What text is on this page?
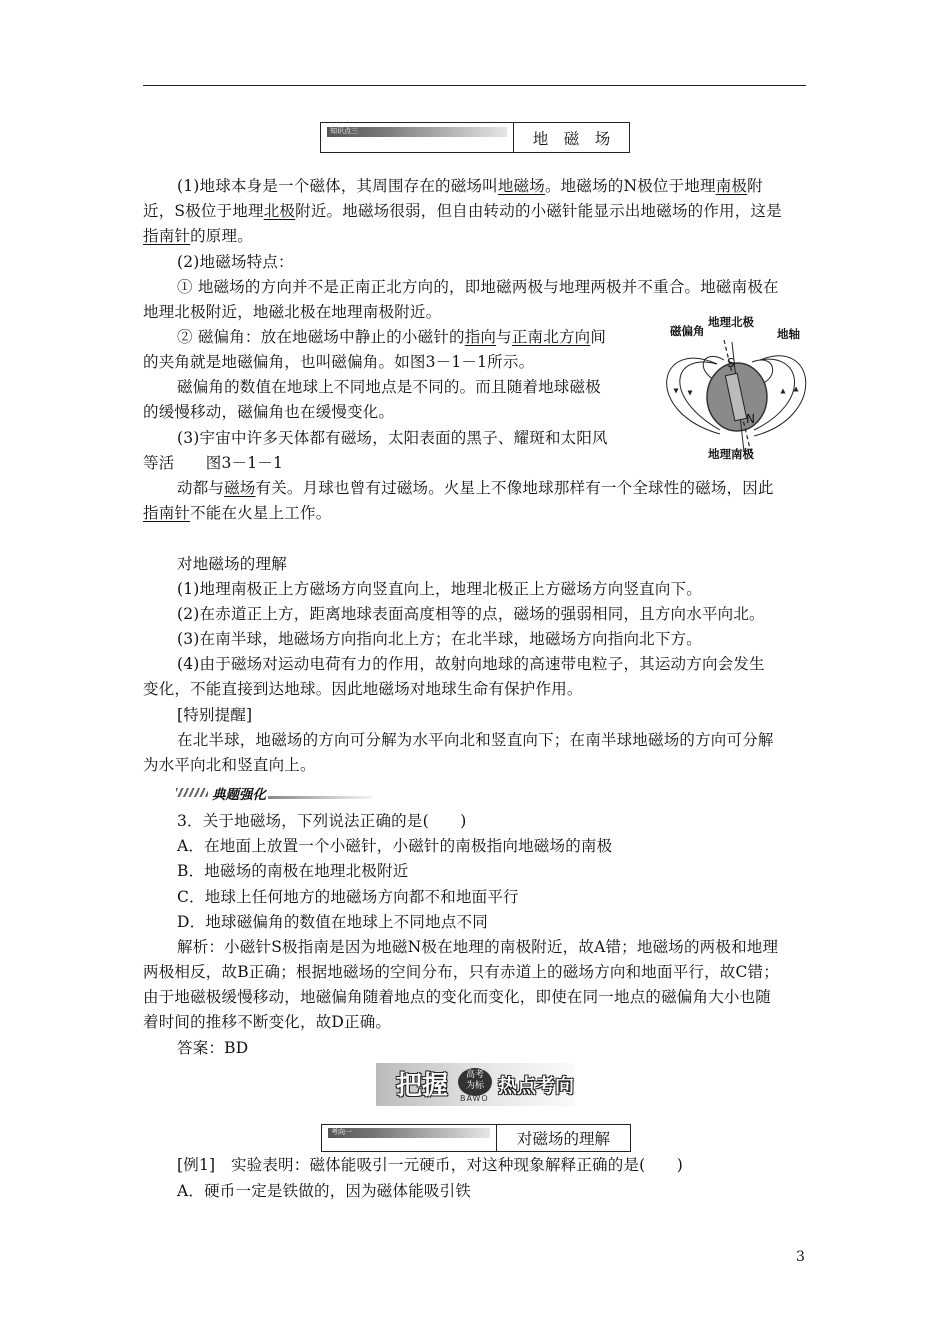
知识点三	地　磁　场
(1)地球本身是一个磁体，其周围存在的磁场叫地磁场。地磁场的N极位于地理南极附
近，S极位于地理北极附近。地磁场很弱，但自由转动的小磁针能显示出地磁场的作用，这是
指南针的原理。
(2)地磁场特点：
① 地磁场的方向并不是正南正北方向的，即地磁两极与地理两极并不重合。地磁南极在
地理北极附近，地磁北极在地理南极附近。
② 磁偏角：放在地磁场中静止的小磁针的指向与正南北方向间
的夹角就是地磁偏角，也叫磁偏角。如图3－1－1所示。
磁偏角的数值在地球上不同地点是不同的。而且随着地球磁极
的缓慢移动，磁偏角也在缓慢变化。
(3)宇宙中许多天体都有磁场，太阳表面的黑子、耀斑和太阳风
等活　　图3－1－1
动都与磁场有关。月球也曾有过磁场。火星上不像地球那样有一个全球性的磁场，因此
指南针不能在火星上工作。
磁偏角
地理北极
地轴
地理南极
S
N
对地磁场的理解
(1)地理南极正上方磁场方向竖直向上，地理北极正上方磁场方向竖直向下。
(2)在赤道正上方，距离地球表面高度相等的点，磁场的强弱相同，且方向水平向北。
(3)在南半球，地磁场方向指向北上方；在北半球，地磁场方向指向北下方。
(4)由于磁场对运动电荷有力的作用，故射向地球的高速带电粒子，其运动方向会发生
变化，不能直接到达地球。因此地磁场对地球生命有保护作用。
[特别提醒]
在北半球，地磁场的方向可分解为水平向北和竖直向下；在南半球地磁场的方向可分解
为水平向北和竖直向上。
典题强化
3．关于地磁场，下列说法正确的是(　　)
A．在地面上放置一个小磁针，小磁针的南极指向地磁场的南极
B．地磁场的南极在地理北极附近
C．地球上任何地方的地磁场方向都不和地面平行
D．地球磁偏角的数值在地球上不同地点不同
解析：小磁针S极指南是因为地磁N极在地理的南极附近，故A错；地磁场的两极和地理
两极相反，故B正确；根据地磁场的空间分布，只有赤道上的磁场方向和地面平行，故C错；
由于地磁极缓慢移动，地磁偏角随着地点的变化而变化，即使在同一地点的磁偏角大小也随
着时间的推移不断变化，故D正确。
答案：BD
把握	高考
为标
BAWO
热点考向
考向一	对磁场的理解
[例1]　实验表明：磁体能吸引一元硬币，对这种现象解释正确的是(　　)
A．硬币一定是铁做的，因为磁体能吸引铁
3
